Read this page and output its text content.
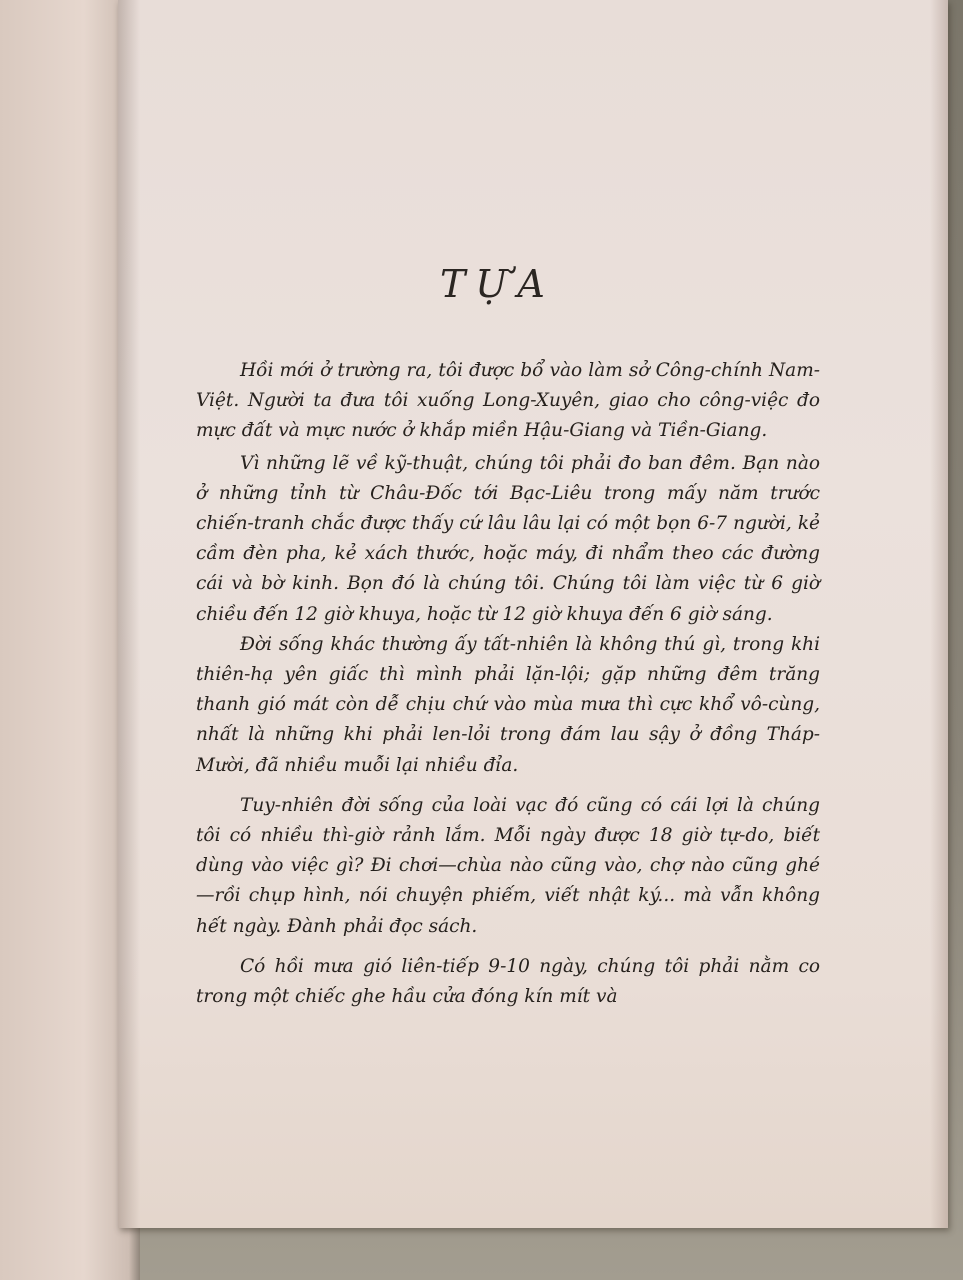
TỰA

Hồi mới ở trường ra, tôi được bổ vào làm sở Công-chính Nam-Việt. Người ta đưa tôi xuống Long-Xuyên, giao cho công-việc đo mực đất và mực nước ở khắp miền Hậu-Giang và Tiền-Giang.

Vì những lẽ về kỹ-thuật, chúng tôi phải đo ban đêm. Bạn nào ở những tỉnh từ Châu-Đốc tới Bạc-Liêu trong mấy năm trước chiến-tranh chắc được thấy cứ lâu lâu lại có một bọn 6-7 người, kẻ cầm đèn pha, kẻ xách thước, hoặc máy, đi nhẩm theo các đường cái và bờ kinh. Bọn đó là chúng tôi. Chúng tôi làm việc từ 6 giờ chiều đến 12 giờ khuya, hoặc từ 12 giờ khuya đến 6 giờ sáng.

Đời sống khác thường ấy tất-nhiên là không thú gì, trong khi thiên-hạ yên giấc thì mình phải lặn-lội; gặp những đêm trăng thanh gió mát còn dễ chịu chứ vào mùa mưa thì cực khổ vô-cùng, nhất là những khi phải len-lỏi trong đám lau sậy ở đồng Tháp-Mười, đã nhiều muỗi lại nhiều đỉa.

Tuy-nhiên đời sống của loài vạc đó cũng có cái lợi là chúng tôi có nhiều thì-giờ rảnh lắm. Mỗi ngày được 18 giờ tự-do, biết dùng vào việc gì? Đi chơi—chùa nào cũng vào, chợ nào cũng ghé—rồi chụp hình, nói chuyện phiếm, viết nhật ký... mà vẫn không hết ngày. Đành phải đọc sách.

Có hồi mưa gió liên-tiếp 9-10 ngày, chúng tôi phải nằm co trong một chiếc ghe hầu cửa đóng kín mít và
